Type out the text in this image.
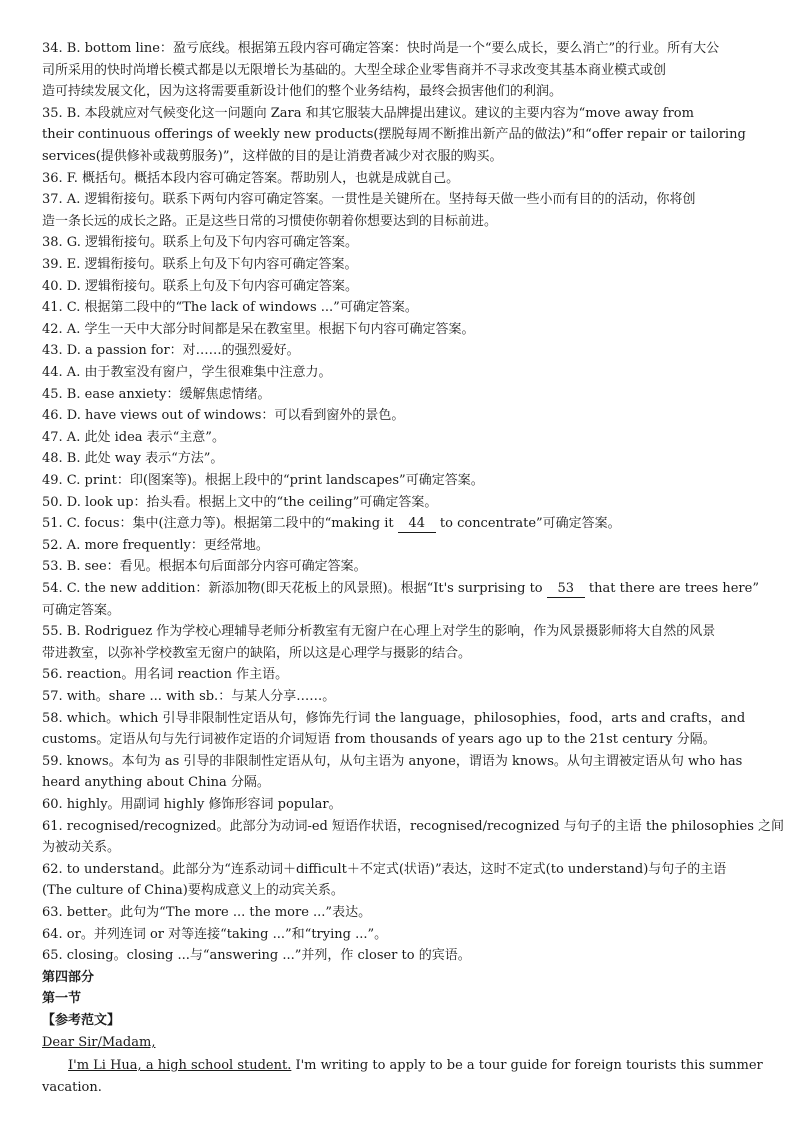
34. B. bottom line：盈亏底线。根据第五段内容可确定答案：快时尚是一个“要么成长，要么消亡”的行业。所有大公
司所采用的快时尚增长模式都是以无限增长为基础的。大型全球企业零售商并不寻求改变其基本商业模式或创
造可持续发展文化，因为这将需要重新设计他们的整个业务结构，最终会损害他们的利润。
35. B. 本段就应对气候变化这一问题向 Zara 和其它服装大品牌提出建议。建议的主要内容为“move away from
their continuous offerings of weekly new products(摆脱每周不断推出新产品的做法)”和“offer repair or tailoring
services(提供修补或裁剪服务)”，这样做的目的是让消费者减少对衣服的购买。
36. F. 概括句。概括本段内容可确定答案。帮助别人，也就是成就自己。
37. A. 逻辑衔接句。联系下两句内容可确定答案。一贯性是关键所在。坚持每天做一些小而有目的的活动，你将创
造一条长远的成长之路。正是这些日常的习惯使你朝着你想要达到的目标前进。
38. G. 逻辑衔接句。联系上句及下句内容可确定答案。
39. E. 逻辑衔接句。联系上句及下句内容可确定答案。
40. D. 逻辑衔接句。联系上句及下句内容可确定答案。
41. C. 根据第二段中的“The lack of windows ...”可确定答案。
42. A. 学生一天中大部分时间都是呆在教室里。根据下句内容可确定答案。
43. D. a passion for：对……的强烈爱好。
44. A. 由于教室没有窗户，学生很难集中注意力。
45. B. ease anxiety：缓解焦虑情绪。
46. D. have views out of windows：可以看到窗外的景色。
47. A. 此处 idea 表示“主意”。
48. B. 此处 way 表示“方法”。
49. C. print：印(图案等)。根据上段中的“print landscapes”可确定答案。
50. D. look up：抬头看。根据上文中的“the ceiling”可确定答案。
51. C. focus：集中(注意力等)。根据第二段中的“making it 44 to concentrate”可确定答案。
52. A. more frequently：更经常地。
53. B. see：看见。根据本句后面部分内容可确定答案。
54. C. the new addition：新添加物(即天花板上的风景照)。根据“It's surprising to 53 that there are trees here”
可确定答案。
55. B. Rodriguez 作为学校心理辅导老师分析教室有无窗户在心理上对学生的影响，作为风景摄影师将大自然的风景
带进教室，以弥补学校教室无窗户的缺陷，所以这是心理学与摄影的结合。
56. reaction。用名词 reaction 作主语。
57. with。share ... with sb.：与某人分享……。
58. which。which 引导非限制性定语从句，修饰先行词 the language，philosophies，food，arts and crafts，and
customs。定语从句与先行词被作定语的介词短语 from thousands of years ago up to the 21st century 分隔。
59. knows。本句为 as 引导的非限制性定语从句，从句主语为 anyone，谓语为 knows。从句主谓被定语从句 who has
heard anything about China 分隔。
60. highly。用副词 highly 修饰形容词 popular。
61. recognised/recognized。此部分为动词-ed 短语作状语，recognised/recognized 与句子的主语 the philosophies 之间
为被动关系。
62. to understand。此部分为“连系动词＋difficult＋不定式(状语)”表达，这时不定式(to understand)与句子的主语
(The culture of China)要构成意义上的动宾关系。
63. better。此句为“The more ... the more ...”表达。
64. or。并列连词 or 对等连接“taking ...”和“trying ...”。
65. closing。closing ...与“answering ...”并列，作 closer to 的宾语。
第四部分
第一节
【参考范文】
Dear Sir/Madam,
I'm Li Hua, a high school student. I'm writing to apply to be a tour guide for foreign tourists this summer
vacation.
